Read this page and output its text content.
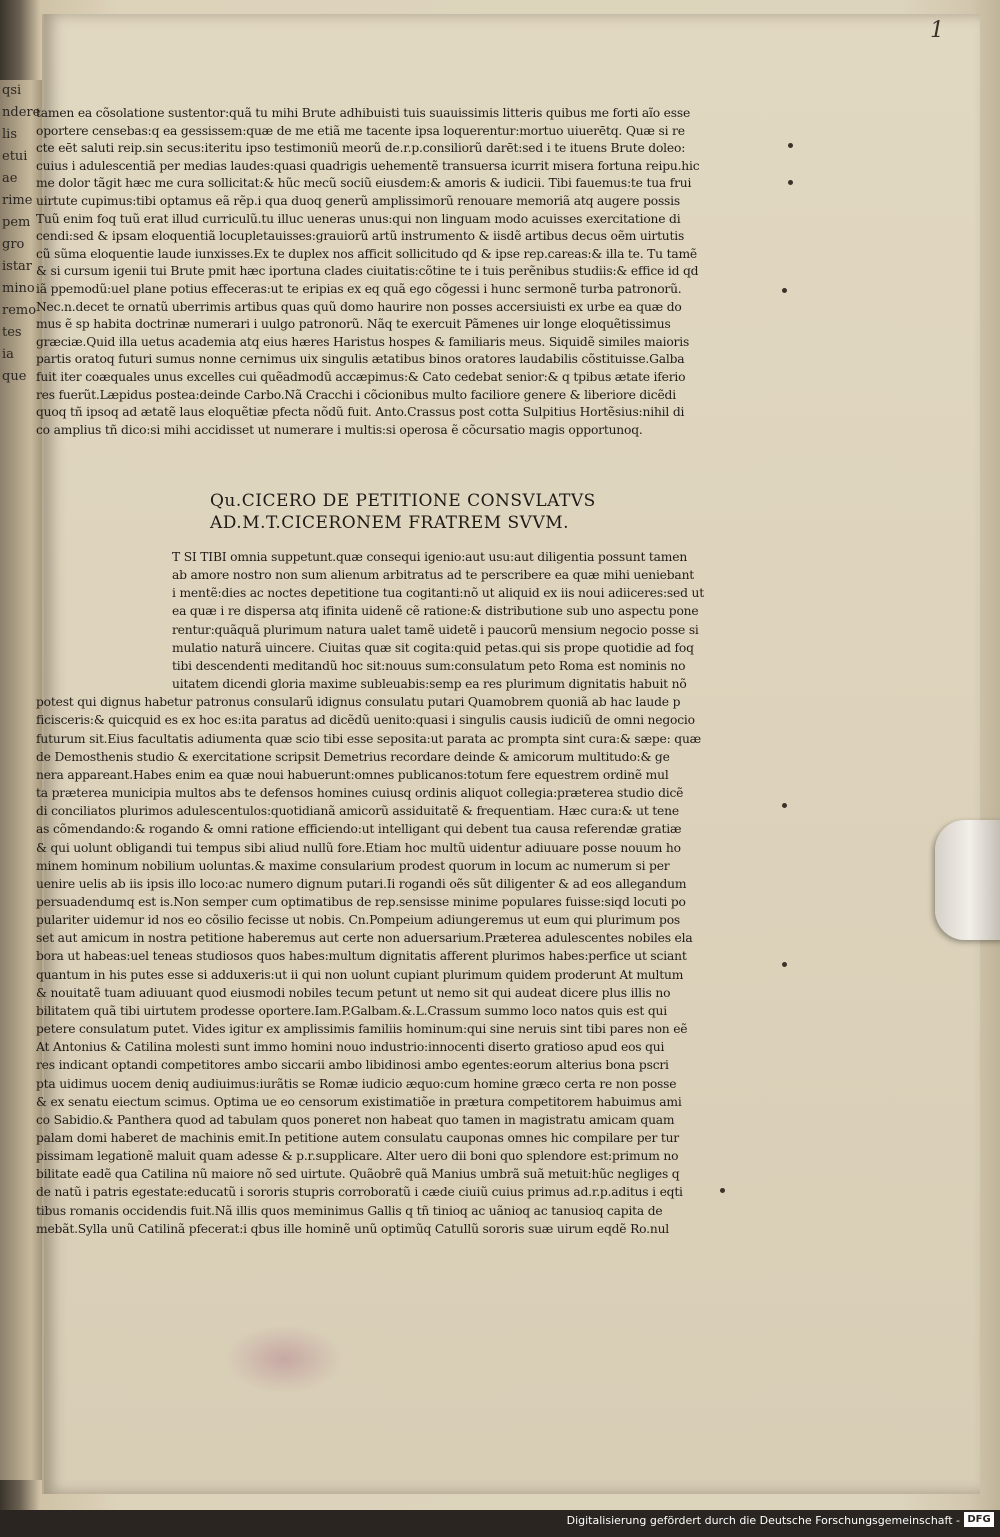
qsi

ndere

lis

etui

ae

rime

pem

gro

istar

mino

remo

tes

ia

que

1

tamen ea cõsolatione sustentor:quã tu mihi Brute adhibuisti tuis suauissimis litteris quibus me forti aĩo esse

oportere censebas:q ea gessissem:quæ de me etiã me tacente ipsa loquerentur:mortuo uiuerētq. Quæ si re

cte eēt saluti reip.sin secus:iteritu ipso testimoniũ meorũ de.r.p.consiliorũ darēt:sed i te ituens Brute doleo:

cuius i adulescentiã per medias laudes:quasi quadrigis uehementẽ transuersa icurrit misera fortuna reipu.hic

me dolor tãgit hæc me cura sollicitat:& hũc mecũ sociũ eiusdem:& amoris & iudicii. Tibi fauemus:te tua frui

uirtute cupimus:tibi optamus eã rẽp.i qua duoq generũ amplissimorũ renouare memoriã atq augere possis

Tuũ enim foq tuũ erat illud curriculũ.tu illuc ueneras unus:qui non linguam modo acuisses exercitatione di

cendi:sed & ipsam eloquentiã locupletauisses:grauiorũ artũ instrumento & iisdẽ artibus decus oẽm uirtutis

cũ sũma eloquentie laude iunxisses.Ex te duplex nos afficit sollicitudo qd & ipse rep.careas:& illa te. Tu tamẽ

& si cursum igenii tui Brute pmit hæc iportuna clades ciuitatis:cõtine te i tuis perẽnibus studiis:& effice id qd

iã ppemodũ:uel plane potius effeceras:ut te eripias ex eq quã ego cõgessi i hunc sermonẽ turba patronorũ.

Nec.n.decet te ornatũ uberrimis artibus quas quũ domo haurire non posses accersiuisti ex urbe ea quæ do

mus ẽ sp habita doctrinæ numerari i uulgo patronorũ. Nãq te exercuit Pãmenes uir longe eloquẽtissimus

græciæ.Quid illa uetus academia atq eius hæres Haristus hospes & familiaris meus. Siquidẽ similes maioris

partis oratoq futuri sumus nonne cernimus uix singulis ætatibus binos oratores laudabilis cõstituisse.Galba

fuit iter coæquales unus excelles cui quẽadmodũ accæpimus:& Cato cedebat senior:& q tpibus ætate iferio

res fuerũt.Læpidus postea:deinde Carbo.Nã Cracchi i cõcionibus multo faciliore genere & liberiore dicẽdi

quoq tñ ipsoq ad ætatẽ laus eloquẽtiæ pfecta nõdũ fuit. Anto.Crassus post cotta Sulpitius Hortẽsius:nihil di

co amplius tñ dico:si mihi accidisset ut numerare i multis:si operosa ẽ cõcursatio magis opportunoq.

Qu.CICERO DE PETITIONE CONSVLATVS

AD.M.T.CICERONEM FRATREM SVVM.

T SI TIBI omnia suppetunt.quæ consequi igenio:aut usu:aut diligentia possunt tamen

ab amore nostro non sum alienum arbitratus ad te perscribere ea quæ mihi ueniebant

i mentẽ:dies ac noctes depetitione tua cogitanti:nõ ut aliquid ex iis noui adiiceres:sed ut

ea quæ i re dispersa atq ifinita uidenẽ cẽ ratione:& distributione sub uno aspectu pone

rentur:quãquã plurimum natura ualet tamẽ uidetẽ i paucorũ mensium negocio posse si

mulatio naturã uincere. Ciuitas quæ sit cogita:quid petas.qui sis prope quotidie ad foq

tibi descendenti meditandũ hoc sit:nouus sum:consulatum peto Roma est nominis no

uitatem dicendi gloria maxime subleuabis:semp ea res plurimum dignitatis habuit nõ

potest qui dignus habetur patronus consularũ idignus consulatu putari Quamobrem quoniã ab hac laude p

ficisceris:& quicquid es ex hoc es:ita paratus ad dicẽdũ uenito:quasi i singulis causis iudiciũ de omni negocio

futurum sit.Eius facultatis adiumenta quæ scio tibi esse seposita:ut parata ac prompta sint cura:& sæpe: quæ

de Demosthenis studio & exercitatione scripsit Demetrius recordare deinde & amicorum multitudo:& ge

nera appareant.Habes enim ea quæ noui habuerunt:omnes publicanos:totum fere equestrem ordinẽ mul

ta præterea municipia multos abs te defensos homines cuiusq ordinis aliquot collegia:præterea studio dicẽ

di conciliatos plurimos adulescentulos:quotidianã amicorũ assiduitatẽ & frequentiam. Hæc cura:& ut tene

as cõmendando:& rogando & omni ratione efficiendo:ut intelligant qui debent tua causa referendæ gratiæ

& qui uolunt obligandi tui tempus sibi aliud nullũ fore.Etiam hoc multũ uidentur adiuuare posse nouum ho

minem hominum nobilium uoluntas.& maxime consularium prodest quorum in locum ac numerum si per

uenire uelis ab iis ipsis illo loco:ac numero dignum putari.Ii rogandi oẽs sũt diligenter & ad eos allegandum

persuadendumq est is.Non semper cum optimatibus de rep.sensisse minime populares fuisse:siqd locuti po

pulariter uidemur id nos eo cõsilio fecisse ut nobis. Cn.Pompeium adiungeremus ut eum qui plurimum pos

set aut amicum in nostra petitione haberemus aut certe non aduersarium.Præterea adulescentes nobiles ela

bora ut habeas:uel teneas studiosos quos habes:multum dignitatis afferent plurimos habes:perfice ut sciant

quantum in his putes esse si adduxeris:ut ii qui non uolunt cupiant plurimum quidem proderunt At multum

& nouitatẽ tuam adiuuant quod eiusmodi nobiles tecum petunt ut nemo sit qui audeat dicere plus illis no

bilitatem quã tibi uirtutem prodesse oportere.Iam.P.Galbam.&.L.Crassum summo loco natos quis est qui

petere consulatum putet. Vides igitur ex amplissimis familiis hominum:qui sine neruis sint tibi pares non eẽ

At Antonius & Catilina molesti sunt immo homini nouo industrio:innocenti diserto gratioso apud eos qui

res indicant optandi competitores ambo siccarii ambo libidinosi ambo egentes:eorum alterius bona pscri

pta uidimus uocem deniq audiuimus:iurãtis se Romæ iudicio æquo:cum homine græco certa re non posse

& ex senatu eiectum scimus. Optima ue eo censorum existimatiõe in prætura competitorem habuimus ami

co Sabidio.& Panthera quod ad tabulam quos poneret non habeat quo tamen in magistratu amicam quam

palam domi haberet de machinis emit.In petitione autem consulatu cauponas omnes hic compilare per tur

pissimam legationẽ maluit quam adesse & p.r.supplicare. Alter uero dii boni quo splendore est:primum no

bilitate eadẽ qua Catilina nũ maiore nõ sed uirtute. Quãobrẽ quã Manius umbrã suã metuit:hũc negliges q

de natũ i patris egestate:educatũ i sororis stupris corroboratũ i cæde ciuiũ cuius primus ad.r.p.aditus i eqti

tibus romanis occidendis fuit.Nã illis quos meminimus Gallis q tñ tinioq ac uãnioq ac tanusioq capita de

mebãt.Sylla unũ Catilinã pfecerat:i qbus ille hominẽ unũ optimũq Catullũ sororis suæ uirum eqdẽ Ro.nul

Digitalisierung gefördert durch die Deutsche Forschungsgemeinschaft - DFG
